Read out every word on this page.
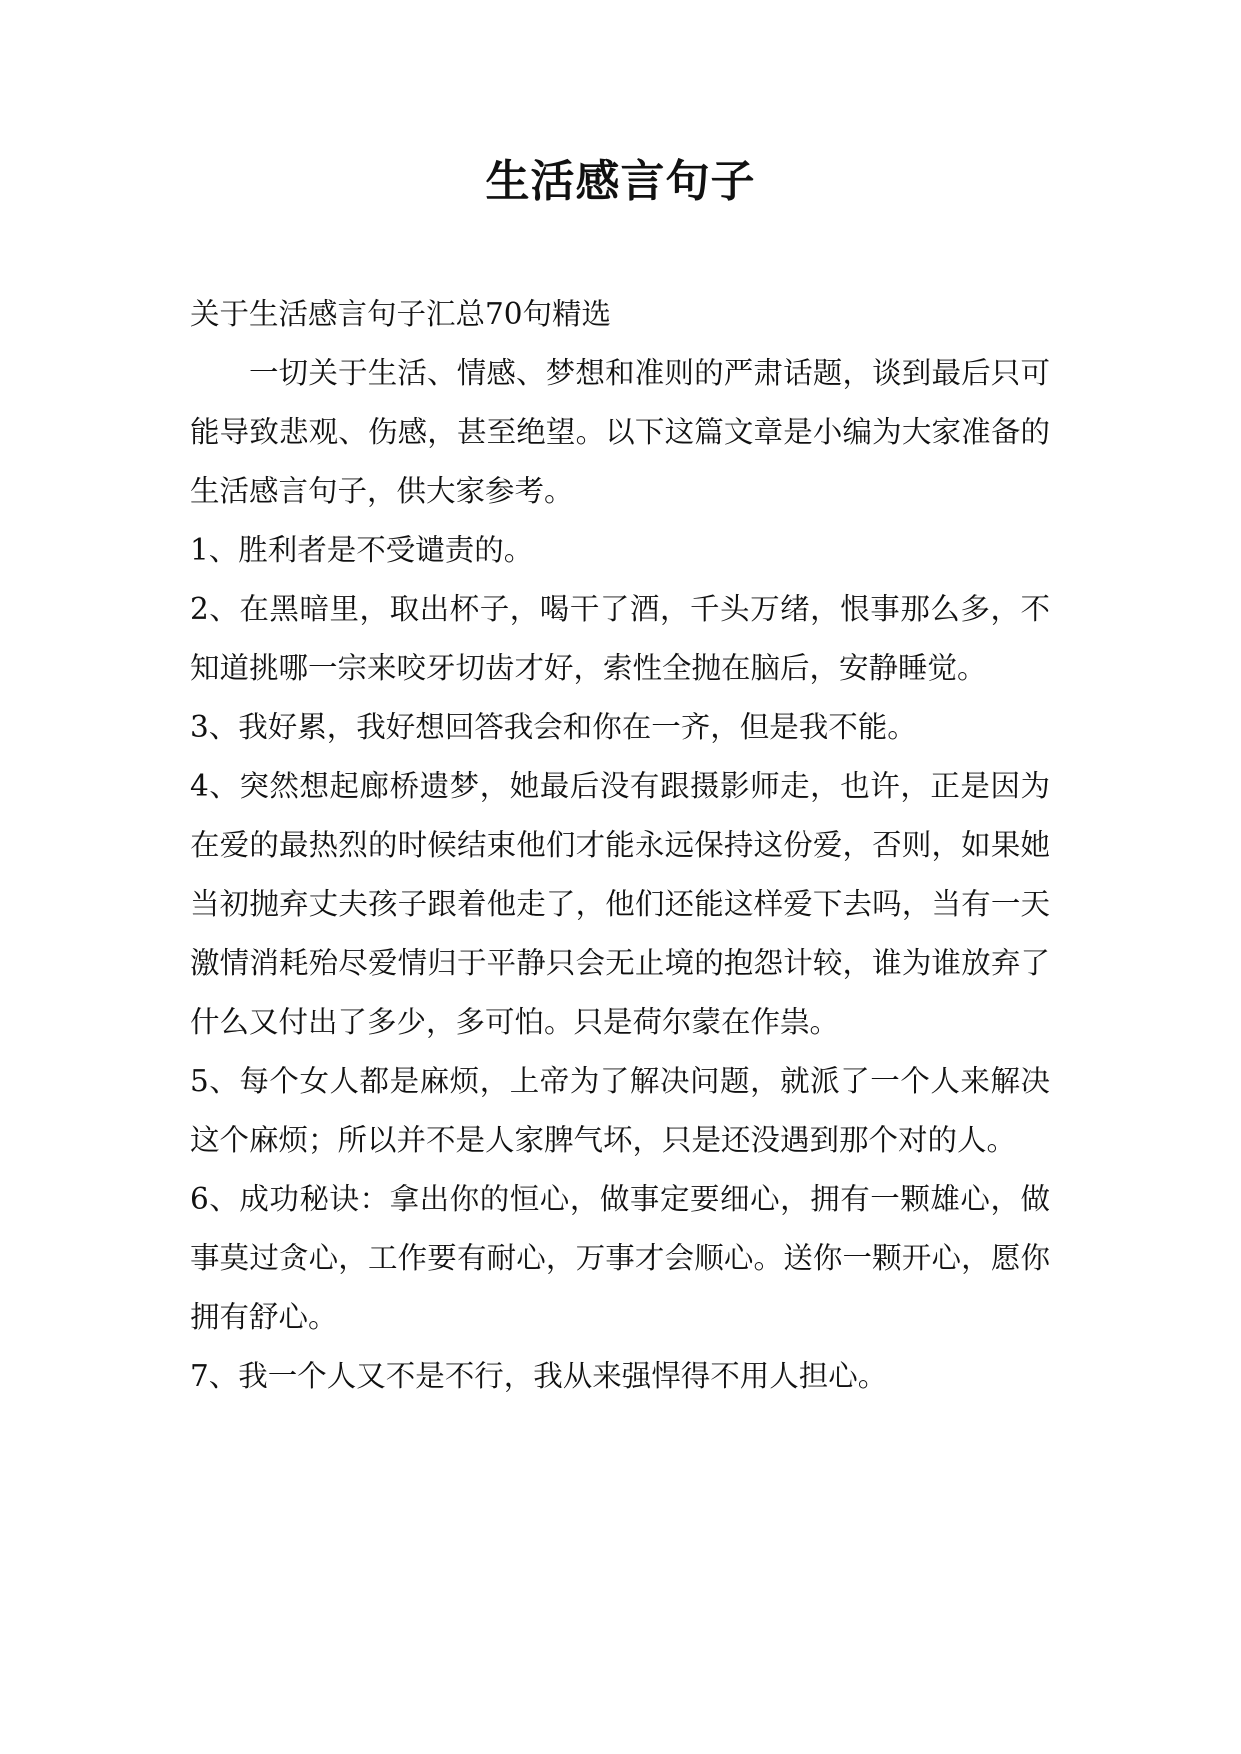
生活感言句子

关于生活感言句子汇总70句精选

一切关于生活、情感、梦想和准则的严肃话题，谈到最后只可能导致悲观、伤感，甚至绝望。以下这篇文章是小编为大家准备的生活感言句子，供大家参考。

1、胜利者是不受谴责的。

2、在黑暗里，取出杯子，喝干了酒，千头万绪，恨事那么多，不知道挑哪一宗来咬牙切齿才好，索性全抛在脑后，安静睡觉。

3、我好累，我好想回答我会和你在一齐，但是我不能。

4、突然想起廊桥遗梦，她最后没有跟摄影师走，也许，正是因为在爱的最热烈的时候结束他们才能永远保持这份爱，否则，如果她当初抛弃丈夫孩子跟着他走了，他们还能这样爱下去吗，当有一天激情消耗殆尽爱情归于平静只会无止境的抱怨计较，谁为谁放弃了什么又付出了多少，多可怕。只是荷尔蒙在作祟。

5、每个女人都是麻烦，上帝为了解决问题，就派了一个人来解决这个麻烦；所以并不是人家脾气坏，只是还没遇到那个对的人。

6、成功秘诀：拿出你的恒心，做事定要细心，拥有一颗雄心，做事莫过贪心，工作要有耐心，万事才会顺心。送你一颗开心，愿你拥有舒心。

7、我一个人又不是不行，我从来强悍得不用人担心。
